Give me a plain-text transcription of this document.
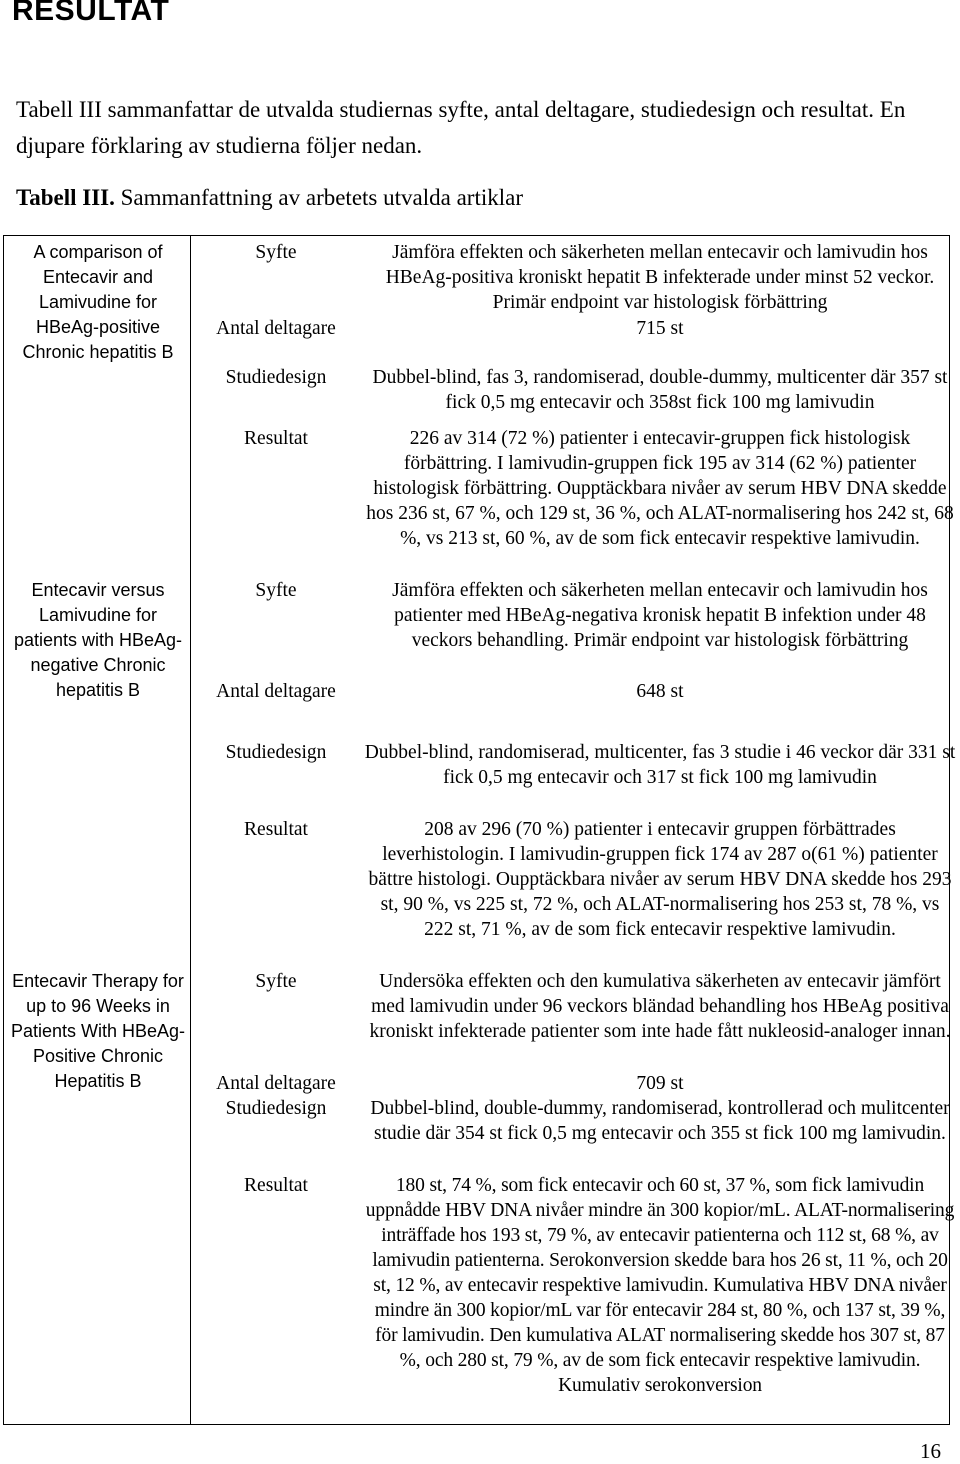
RESULTAT

Tabell III sammanfattar de utvalda studiernas syfte, antal deltagare, studiedesign och resultat. En djupare förklaring av studierna följer nedan.

Tabell III. Sammanfattning av arbetets utvalda artiklar

A comparison of Entecavir and Lamivudine for HBeAg-positive Chronic hepatitis B

Syfte	Jämföra effekten och säkerheten mellan entecavir och lamivudin hos HBeAg-positiva kroniskt hepatit B infekterade under minst 52 veckor. Primär endpoint var histologisk förbättring

Antal deltagare	715 st

Studiedesign	Dubbel-blind, fas 3, randomiserad, double-dummy, multicenter där 357 st fick 0,5 mg entecavir och 358st fick 100 mg lamivudin

Resultat	226 av 314 (72 %) patienter i entecavir-gruppen fick histologisk förbättring. I lamivudin-gruppen fick 195 av 314 (62 %) patienter histologisk förbättring. Oupptäckbara nivåer av serum HBV DNA skedde hos 236 st, 67 %, och 129 st, 36 %, och ALAT-normalisering hos 242 st, 68 %, vs 213 st, 60 %, av de som fick entecavir respektive lamivudin.

Entecavir versus Lamivudine for patients with HBeAg-negative Chronic hepatitis B

Syfte	Jämföra effekten och säkerheten mellan entecavir och lamivudin hos patienter med HBeAg-negativa kronisk hepatit B infektion under 48 veckors behandling. Primär endpoint var histologisk förbättring

Antal deltagare	648 st

Studiedesign	Dubbel-blind, randomiserad, multicenter, fas 3 studie i 46 veckor där 331 st fick 0,5 mg entecavir och 317 st fick 100 mg lamivudin

Resultat	208 av 296 (70 %) patienter i entecavir gruppen förbättrades leverhistologin. I lamivudin-gruppen fick 174 av 287 o(61 %) patienter bättre histologi. Oupptäckbara nivåer av serum HBV DNA skedde hos 293 st, 90 %, vs 225 st, 72 %, och ALAT-normalisering hos 253 st, 78 %, vs 222 st, 71 %, av de som fick entecavir respektive lamivudin.

Entecavir Therapy for up to 96 Weeks in Patients With HBeAg-Positive Chronic Hepatitis B

Syfte	Undersöka effekten och den kumulativa säkerheten av entecavir jämfört med lamivudin under 96 veckors bländad behandling hos HBeAg positiva kroniskt infekterade patienter som inte hade fått nukleosid-analoger innan.

Antal deltagare	709 st

Studiedesign	Dubbel-blind, double-dummy, randomiserad, kontrollerad och mulitcenter studie där 354 st fick 0,5 mg entecavir och 355 st fick 100 mg lamivudin.

Resultat	180 st, 74 %, som fick entecavir och 60 st, 37 %, som fick lamivudin uppnådde HBV DNA nivåer mindre än 300 kopior/mL. ALAT-normalisering inträffade hos 193 st, 79 %, av entecavir patienterna och 112 st, 68 %, av lamivudin patienterna. Serokonversion skedde bara hos 26 st, 11 %, och 20 st, 12 %, av entecavir respektive lamivudin. Kumulativa HBV DNA nivåer mindre än 300 kopior/mL var för entecavir 284 st, 80 %, och 137 st, 39 %, för lamivudin. Den kumulativa ALAT normalisering skedde hos 307 st, 87 %, och 280 st, 79 %, av de som fick entecavir respektive lamivudin. Kumulativ serokonversion

16
